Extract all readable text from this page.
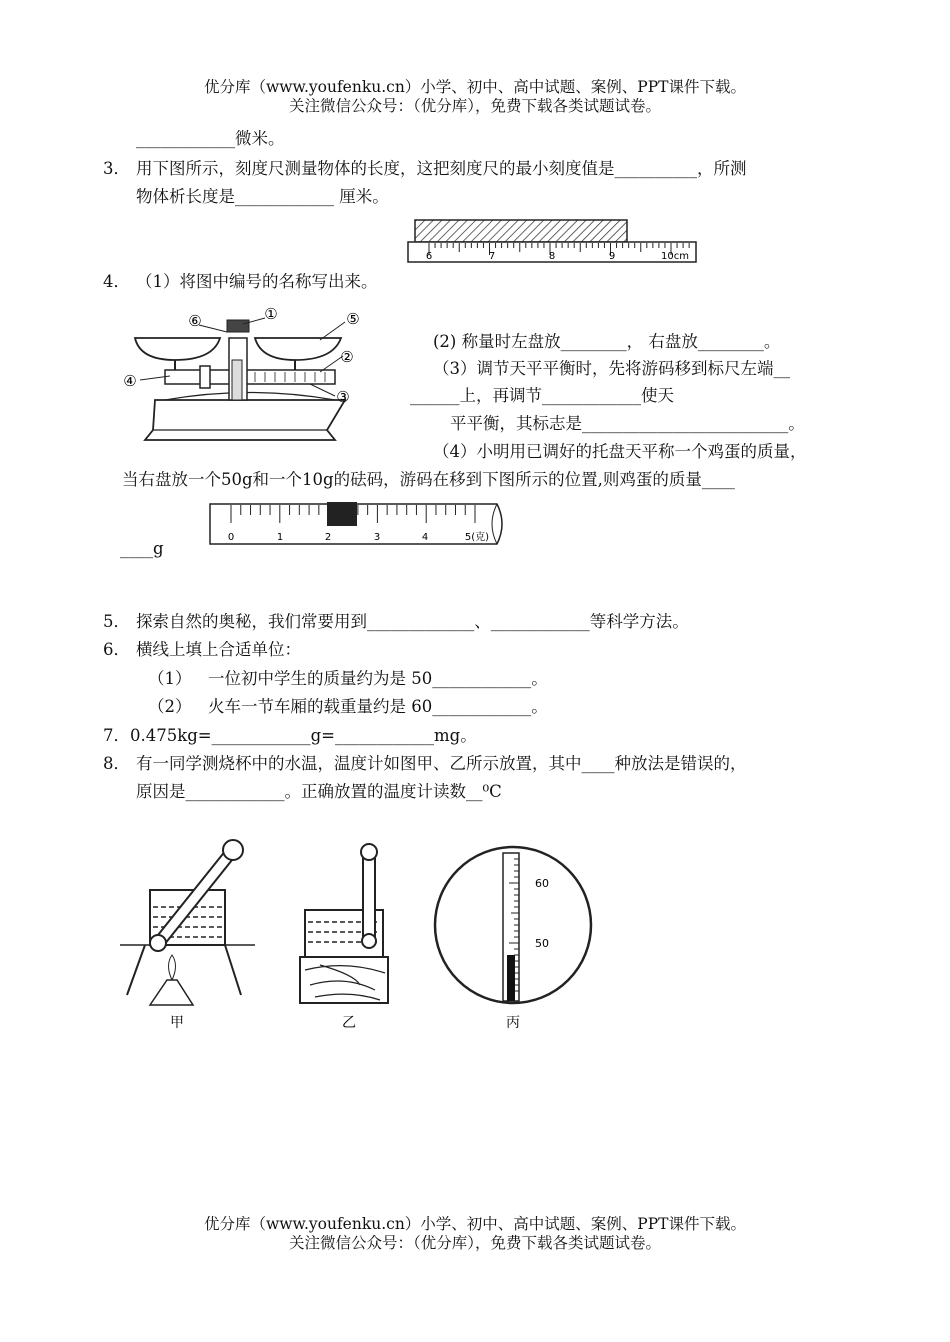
优分库（www.youfenku.cn）小学、初中、高中试题、案例、PPT课件下载。
关注微信公众号：（优分库），免费下载各类试题试卷。
____________微米。
3． 用下图所示，刻度尺测量物体的长度，这把刻度尺的最小刻度值是__________，所测
物体析长度是____________ 厘米。
6	7	8	9	10cm
4． （1）将图中编号的名称写出来。
⑥	①	⑤
②
④
③
(2) 称量时左盘放________， 右盘放________。
（3）调节天平平衡时，先将游码移到标尺左端__
______上，再调节____________使天
平平衡，其标志是_________________________。
（4）小明用已调好的托盘天平称一个鸡蛋的质量，
当右盘放一个50g和一个10g的砝码，游码在移到下图所示的位置,则鸡蛋的质量____
0	1	2	3	4	5(克)
____g
5． 探索自然的奥秘，我们常要用到_____________、____________等科学方法。
6． 横线上填上合适单位：
（1） 一位初中学生的质量约为是 50____________。
（2） 火车一节车厢的载重量约是 60____________。
7． 0.475kg=____________g=____________mg。
8． 有一同学测烧杯中的水温，温度计如图甲、乙所示放置，其中____种放法是错误的，
原因是____________。正确放置的温度计读数__⁰C
甲	乙
60
50
丙
优分库（www.youfenku.cn）小学、初中、高中试题、案例、PPT课件下载。
关注微信公众号：（优分库），免费下载各类试题试卷。
